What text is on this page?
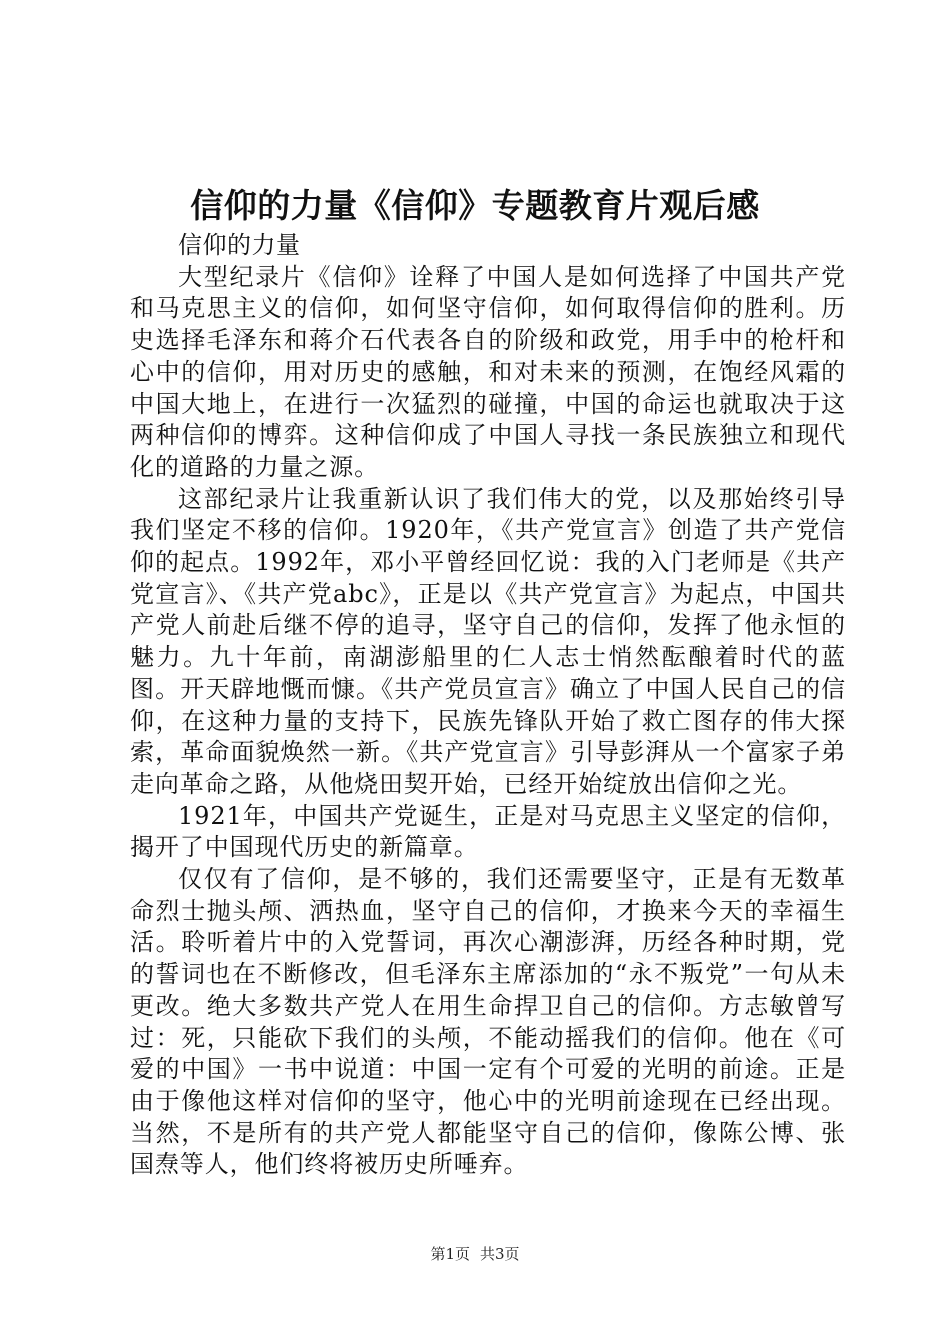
信仰的力量《信仰》专题教育片观后感

信仰的力量

大型纪录片《信仰》诠释了中国人是如何选择了中国共产党和马克思主义的信仰，如何坚守信仰，如何取得信仰的胜利。历史选择毛泽东和蒋介石代表各自的阶级和政党，用手中的枪杆和心中的信仰，用对历史的感触，和对未来的预测，在饱经风霜的中国大地上，在进行一次猛烈的碰撞，中国的命运也就取决于这两种信仰的博弈。这种信仰成了中国人寻找一条民族独立和现代化的道路的力量之源。

这部纪录片让我重新认识了我们伟大的党，以及那始终引导我们坚定不移的信仰。1920年，《共产党宣言》创造了共产党信仰的起点。1992年，邓小平曾经回忆说：我的入门老师是《共产党宣言》、《共产党abc》，正是以《共产党宣言》为起点，中国共产党人前赴后继不停的追寻，坚守自己的信仰，发挥了他永恒的魅力。九十年前，南湖澎船里的仁人志士悄然酝酿着时代的蓝图。开天辟地慨而慷。《共产党员宣言》确立了中国人民自己的信仰，在这种力量的支持下，民族先锋队开始了救亡图存的伟大探索，革命面貌焕然一新。《共产党宣言》引导彭湃从一个富家子弟走向革命之路，从他烧田契开始，已经开始绽放出信仰之光。

1921年，中国共产党诞生，正是对马克思主义坚定的信仰，揭开了中国现代历史的新篇章。

仅仅有了信仰，是不够的，我们还需要坚守，正是有无数革命烈士抛头颅、洒热血，坚守自己的信仰，才换来今天的幸福生活。聆听着片中的入党誓词，再次心潮澎湃，历经各种时期，党的誓词也在不断修改，但毛泽东主席添加的“永不叛党”一句从未更改。绝大多数共产党人在用生命捍卫自己的信仰。方志敏曾写过：死，只能砍下我们的头颅，不能动摇我们的信仰。他在《可爱的中国》一书中说道：中国一定有个可爱的光明的前途。正是由于像他这样对信仰的坚守，他心中的光明前途现在已经出现。当然，不是所有的共产党人都能坚守自己的信仰，像陈公博、张国焘等人，他们终将被历史所唾弃。

第1页 共3页
